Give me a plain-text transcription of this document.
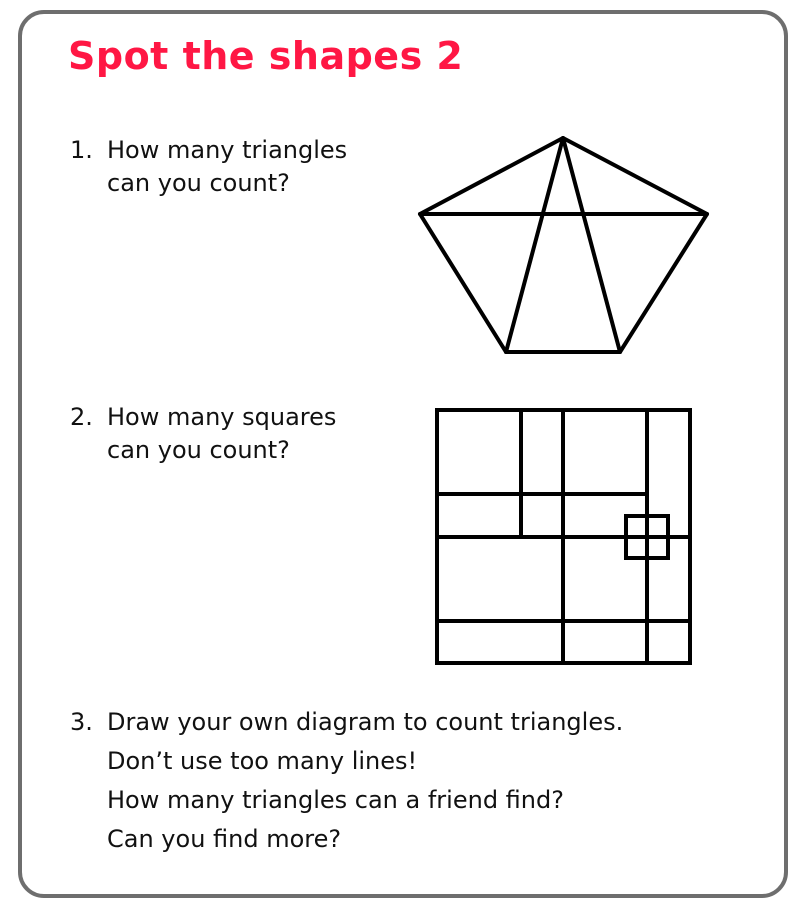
Spot the shapes 2
1. How many triangles
can you count?
2. How many squares
can you count?
3. Draw your own diagram to count triangles.
Don’t use too many lines!
How many triangles can a friend find?
Can you find more?
